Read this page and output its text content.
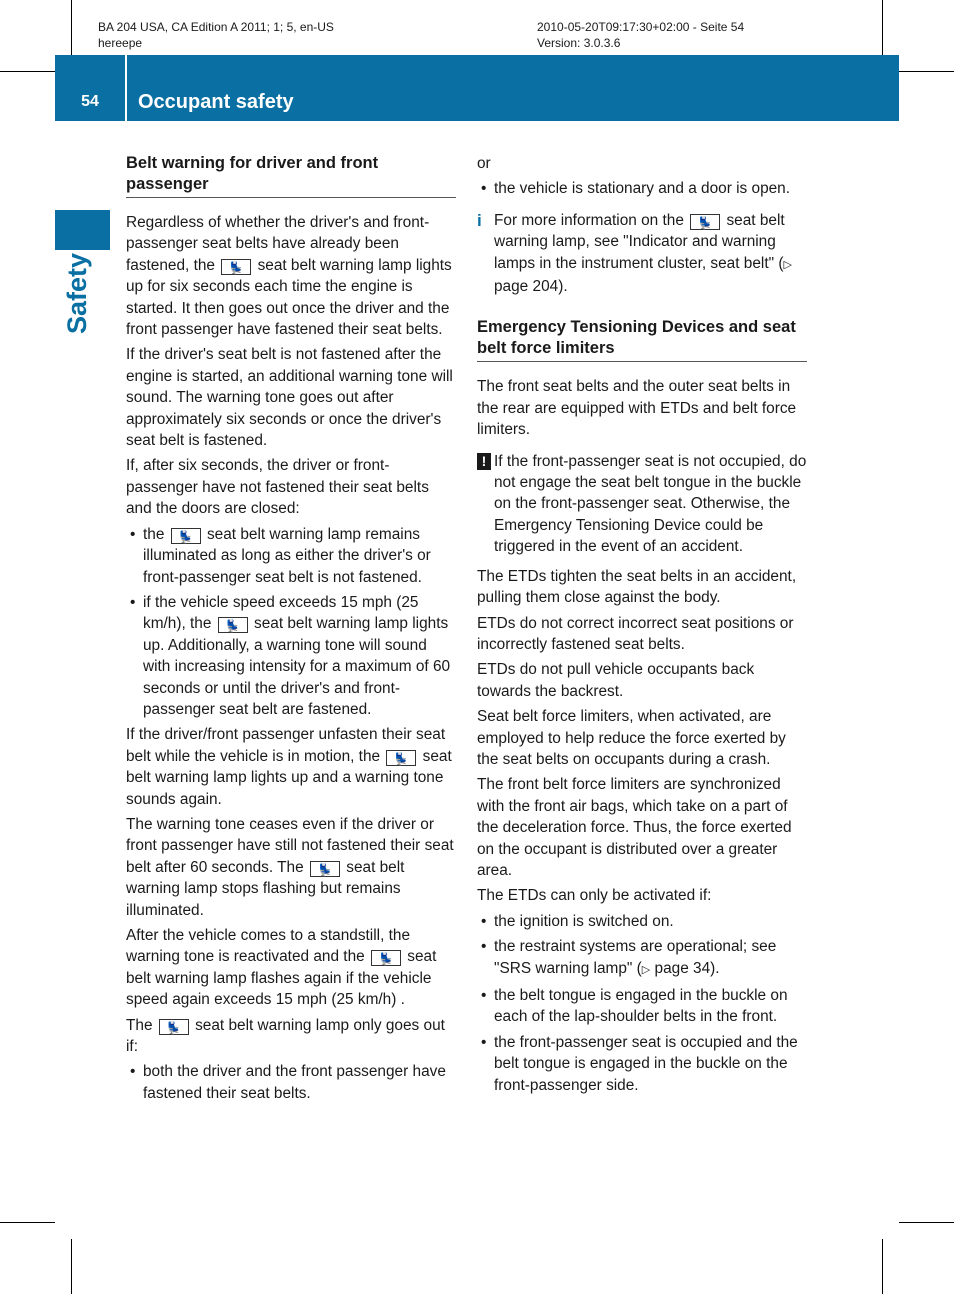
BA 204 USA, CA Edition A 2011; 1; 5, en-US
hereepe
2010-05-20T09:17:30+02:00 - Seite 54
Version: 3.0.3.6
54	Occupant safety
Safety
Belt warning for driver and front passenger

Regardless of whether the driver's and front-passenger seat belts have already been fastened, the 💺 seat belt warning lamp lights up for six seconds each time the engine is started. It then goes out once the driver and the front passenger have fastened their seat belts.

If the driver's seat belt is not fastened after the engine is started, an additional warning tone will sound. The warning tone goes out after approximately six seconds or once the driver's seat belt is fastened.

If, after six seconds, the driver or front-passenger have not fastened their seat belts and the doors are closed:

• the 💺 seat belt warning lamp remains illuminated as long as either the driver's or front-passenger seat belt is not fastened.
• if the vehicle speed exceeds 15 mph (25 km/h), the 💺 seat belt warning lamp lights up. Additionally, a warning tone will sound with increasing intensity for a maximum of 60 seconds or until the driver's and front-passenger seat belt are fastened.

If the driver/front passenger unfasten their seat belt while the vehicle is in motion, the 💺 seat belt warning lamp lights up and a warning tone sounds again.

The warning tone ceases even if the driver or front passenger have still not fastened their seat belt after 60 seconds. The 💺 seat belt warning lamp stops flashing but remains illuminated.

After the vehicle comes to a standstill, the warning tone is reactivated and the 💺 seat belt warning lamp flashes again if the vehicle speed again exceeds 15 mph (25 km/h) .

The 💺 seat belt warning lamp only goes out if:

• both the driver and the front passenger have fastened their seat belts.

or

• the vehicle is stationary and a door is open.
i For more information on the 💺 seat belt warning lamp, see "Indicator and warning lamps in the instrument cluster, seat belt" (▷ page 204).
Emergency Tensioning Devices and seat belt force limiters

The front seat belts and the outer seat belts in the rear are equipped with ETDs and belt force limiters.

! If the front-passenger seat is not occupied, do not engage the seat belt tongue in the buckle on the front-passenger seat. Otherwise, the Emergency Tensioning Device could be triggered in the event of an accident.

The ETDs tighten the seat belts in an accident, pulling them close against the body.

ETDs do not correct incorrect seat positions or incorrectly fastened seat belts.

ETDs do not pull vehicle occupants back towards the backrest.

Seat belt force limiters, when activated, are employed to help reduce the force exerted by the seat belts on occupants during a crash.

The front belt force limiters are synchronized with the front air bags, which take on a part of the deceleration force. Thus, the force exerted on the occupant is distributed over a greater area.

The ETDs can only be activated if:

• the ignition is switched on.
• the restraint systems are operational; see "SRS warning lamp" (▷ page 34).
• the belt tongue is engaged in the buckle on each of the lap-shoulder belts in the front.
• the front-passenger seat is occupied and the belt tongue is engaged in the buckle on the front-passenger side.
